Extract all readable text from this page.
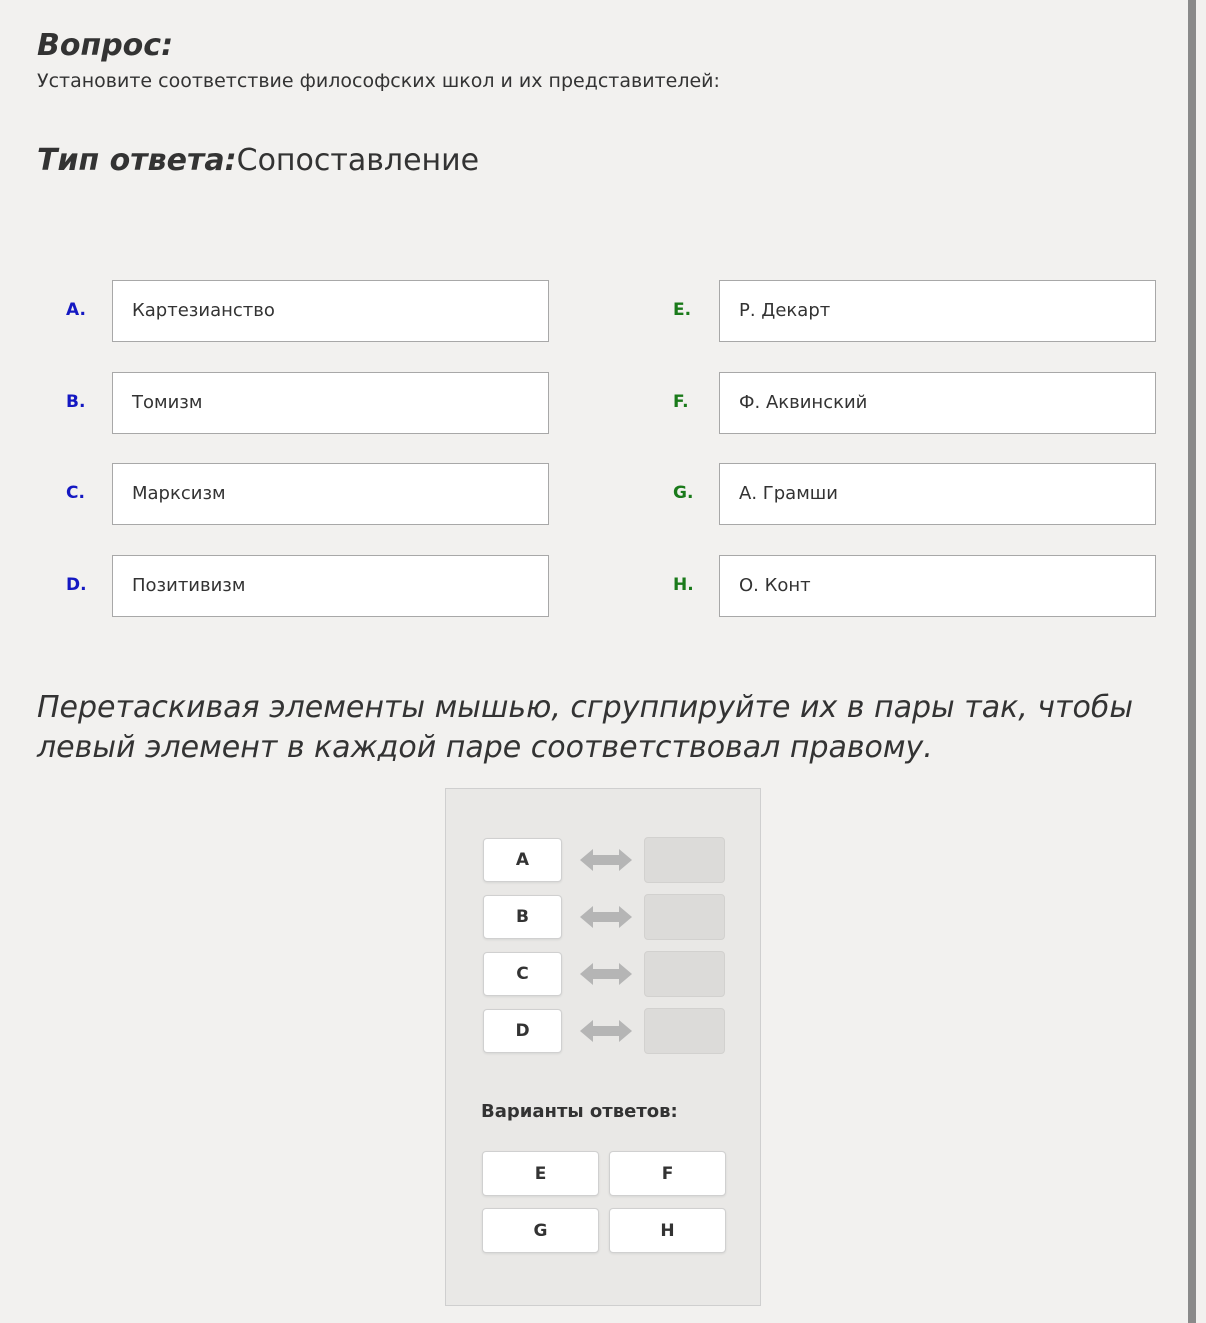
Вопрос:
Установите соответствие философских школ и их представителей:
Тип ответа:Сопоставление
A.	Картезианство
B.	Томизм
C.	Марксизм
D.	Позитивизм
E.	Р. Декарт
F.	Ф. Аквинский
G.	А. Грамши
H.	О. Конт
Перетаскивая элементы мышью, сгруппируйте их в пары так, чтобы левый элемент в каждой паре соответствовал правому.
A
B
C
D
Варианты ответов:
E	F
G	H
